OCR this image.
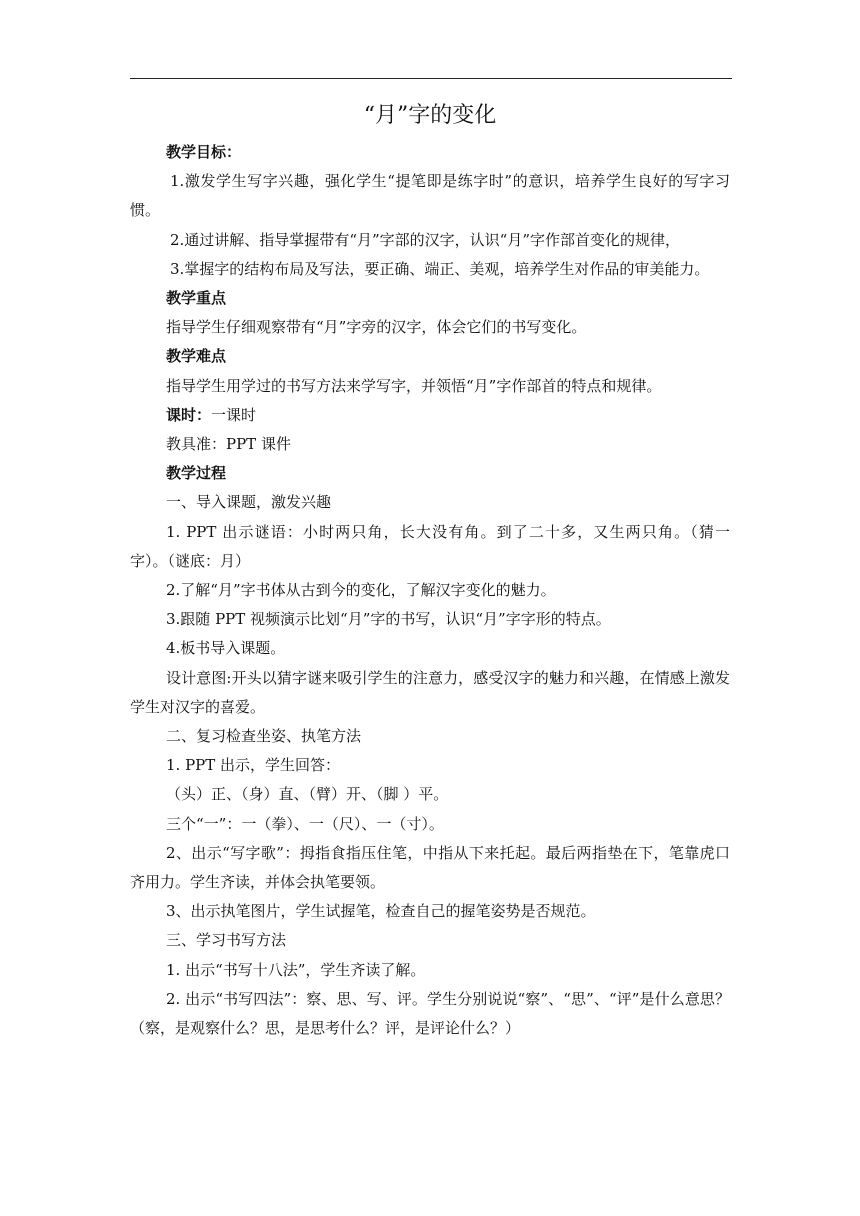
“月”字的变化

教学目标：

1.激发学生写字兴趣，强化学生“提笔即是练字时”的意识，培养学生良好的写字习惯。

2.通过讲解、指导掌握带有“月”字部的汉字，认识“月”字作部首变化的规律，

3.掌握字的结构布局及写法，要正确、端正、美观，培养学生对作品的审美能力。

教学重点

指导学生仔细观察带有“月”字旁的汉字，体会它们的书写变化。

教学难点

指导学生用学过的书写方法来学写字，并领悟“月”字作部首的特点和规律。

课时：一课时

教具准：PPT 课件

教学过程

一、导入课题，激发兴趣

1. PPT 出示谜语：小时两只角，长大没有角。到了二十多，又生两只角。（猜一字）。（谜底：月）

2.了解“月”字书体从古到今的变化，了解汉字变化的魅力。

3.跟随 PPT 视频演示比划“月”字的书写，认识“月”字字形的特点。

4.板书导入课题。

设计意图:开头以猜字谜来吸引学生的注意力，感受汉字的魅力和兴趣，在情感上激发学生对汉字的喜爱。

二、复习检查坐姿、执笔方法

1. PPT 出示，学生回答：

（头）正、（身）直、（臂）开、（脚 ）平。

三个“一”：一（拳）、一（尺）、一（寸）。

2、出示“写字歌”：拇指食指压住笔，中指从下来托起。最后两指垫在下，笔靠虎口齐用力。学生齐读，并体会执笔要领。

3、出示执笔图片，学生试握笔，检查自己的握笔姿势是否规范。

三、学习书写方法

1. 出示“书写十八法”，学生齐读了解。

2. 出示“书写四法”：察、思、写、评。学生分别说说“察”、“思”、“评”是什么意思？（察，是观察什么？思，是思考什么？评，是评论什么？）
